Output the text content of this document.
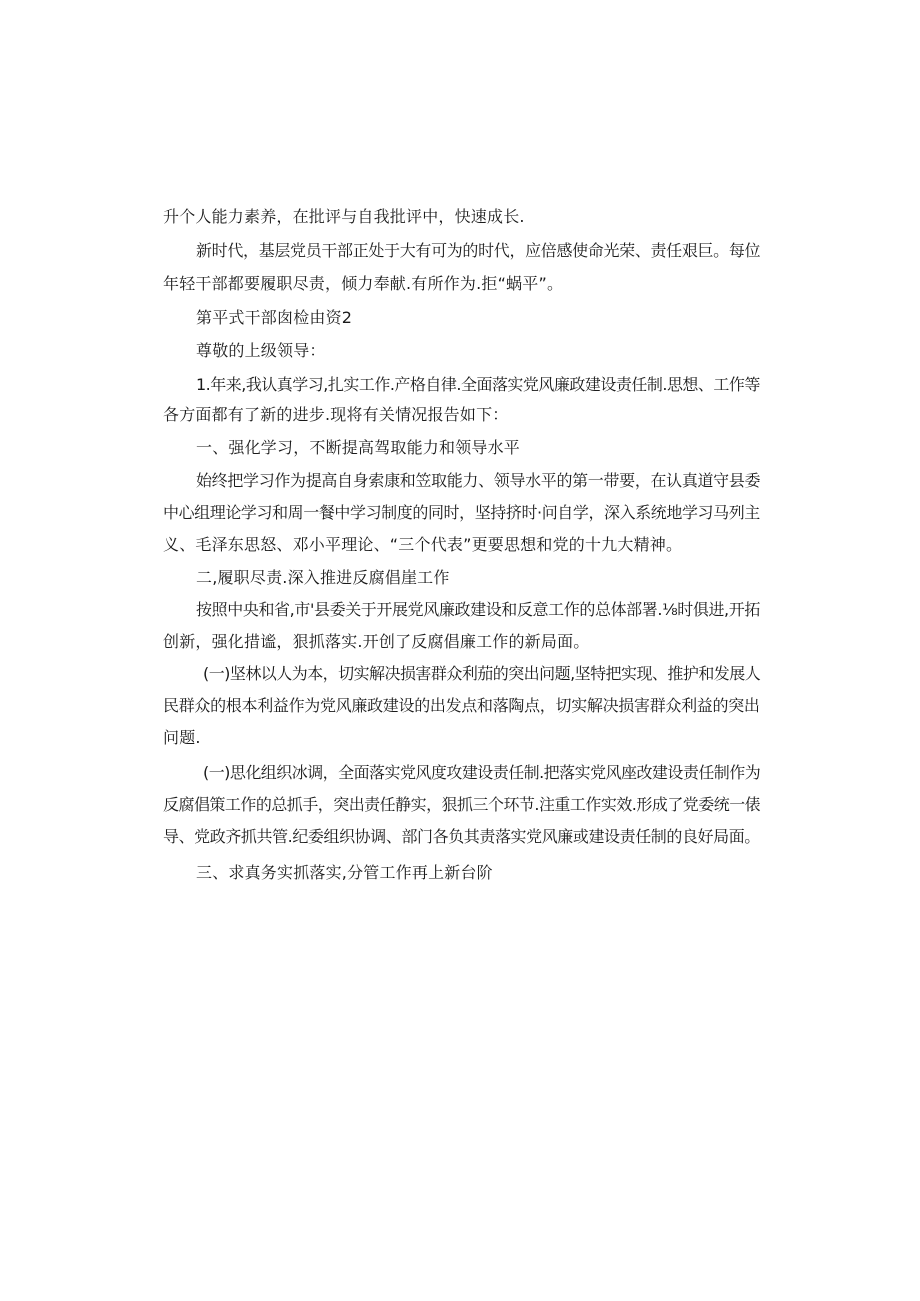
升个人能力素养，在批评与自我批评中，快速成长.
新时代，基层党员干部正处于大有可为的时代，应倍感使命光荣、责任艰巨。每位
年轻干部都要履职尽责，倾力奉献.有所作为.拒“蜗平”。
第平式干部囱检由资2
尊敬的上级领导：
1.年来,我认真学习,扎实工作.产格自律.全面落实党风廉政建设责任制.思想、工作等
各方面都有了新的进步.现将有关情况报告如下：
一、强化学习，不断提高驾取能力和领导水平
始终把学习作为提高自身索康和笠取能力、领导水平的第一带要，在认真道守县委
中心组理论学习和周一餐中学习制度的同时，坚持挤时·问自学，深入系统地学习马列主
义、毛泽东思怒、邓小平理论、“三个代表”更要思想和党的十九大精神。
二,履职尽责.深入推进反腐倡崖工作
按照中央和省,市'县委关于开展党风廉政建设和反意工作的总体部署.⅛时俱进,开拓
创新，强化措谧，狠抓落实.开创了反腐倡廉工作的新局面。
(一)坚林以人为本，切实解决损害群众利茄的突出问题,坚特把实现、推护和发展人
民群众的根本利益作为党风廉政建设的出发点和落陶点，切实解决损害群众利益的突出
问题.
(一)思化组织冰调，全面落实党风度攻建设责任制.把落实党风座改建设责任制作为
反腐倡策工作的总抓手，突出责任静实，狠抓三个环节.注重工作实效.形成了党委统一俵
导、党政齐抓共管.纪委组织协调、部门各负其责落实党风廉或建设责任制的良好局面。
三、求真务实抓落实,分管工作再上新台阶
